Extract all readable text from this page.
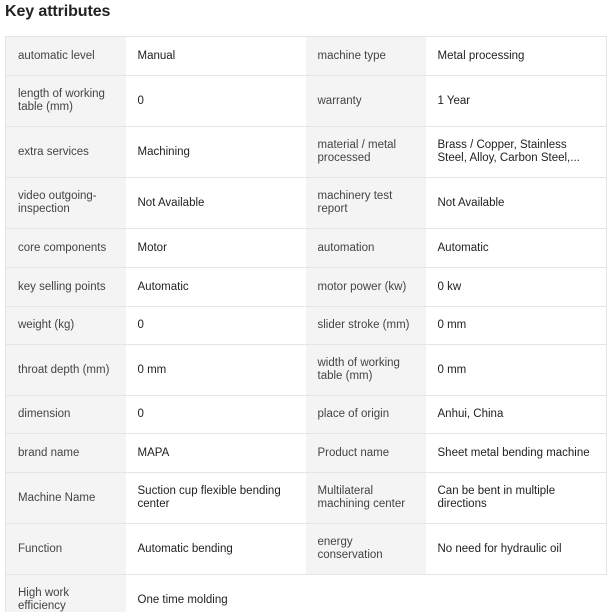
Key attributes
automatic level	Manual	machine type	Metal processing
length of working table (mm)	0	warranty	1 Year
extra services	Machining	material / metal processed	Brass / Copper, Stainless Steel, Alloy, Carbon Steel,...
video outgoing-inspection	Not Available	machinery test report	Not Available
core components	Motor	automation	Automatic
key selling points	Automatic	motor power (kw)	0 kw
weight (kg)	0	slider stroke (mm)	0 mm
throat depth (mm)	0 mm	width of working table (mm)	0 mm
dimension	0	place of origin	Anhui, China
brand name	MAPA	Product name	Sheet metal bending machine
Machine Name	Suction cup flexible bending center	Multilateral machining center	Can be bent in multiple directions
Function	Automatic bending	energy conservation	No need for hydraulic oil
High work efficiency	One time molding		
